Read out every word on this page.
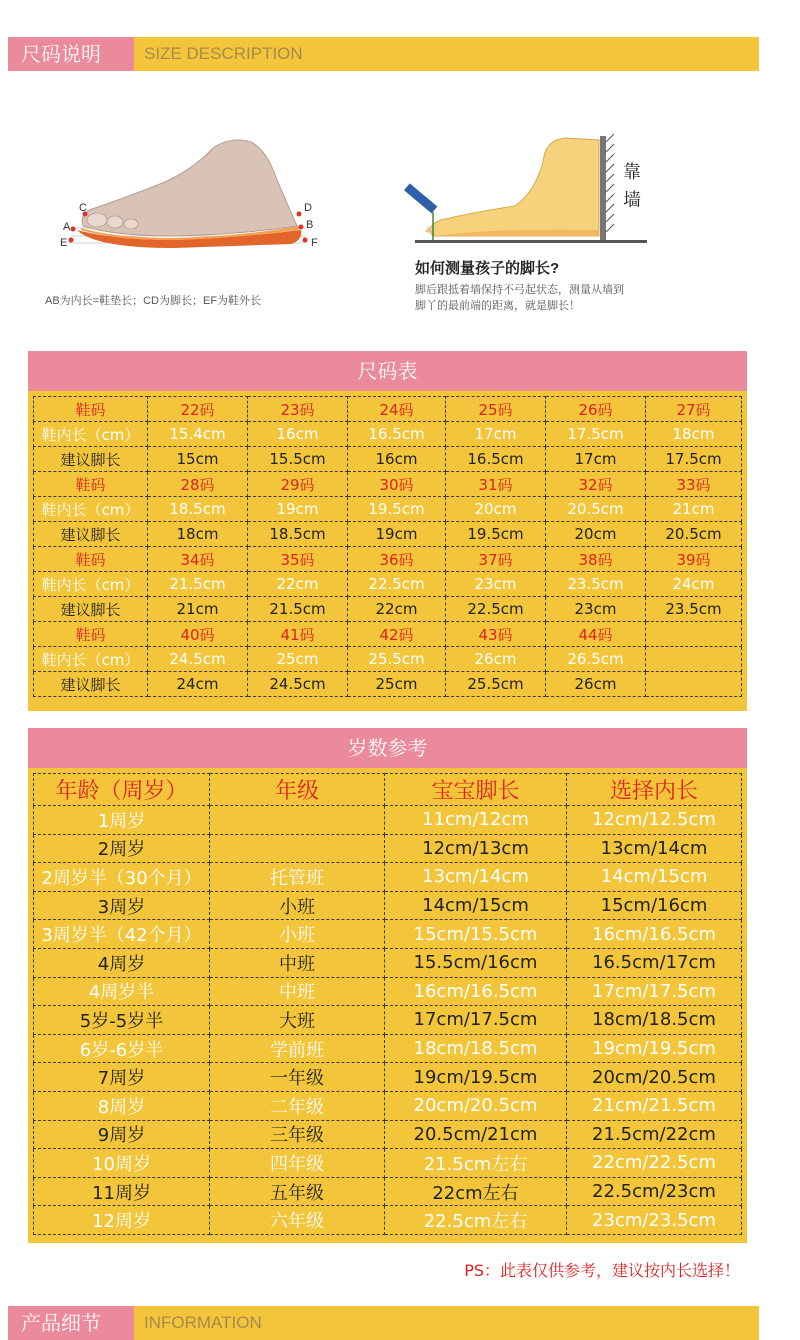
尺码说明	SIZE DESCRIPTION
C
A
E
D
B
F
AB为内长=鞋垫长；CD为脚长；EF为鞋外长
靠
墙
如何测量孩子的脚长?
脚后跟抵着墙保持不弓起状态，测量从墙到
脚丫的最前端的距离，就是脚长！
尺码表
鞋码	22码	23码	24码	25码	26码	27码
鞋内长（cm）	15.4cm	16cm	16.5cm	17cm	17.5cm	18cm
建议脚长	15cm	15.5cm	16cm	16.5cm	17cm	17.5cm
鞋码	28码	29码	30码	31码	32码	33码
鞋内长（cm）	18.5cm	19cm	19.5cm	20cm	20.5cm	21cm
建议脚长	18cm	18.5cm	19cm	19.5cm	20cm	20.5cm
鞋码	34码	35码	36码	37码	38码	39码
鞋内长（cm）	21.5cm	22cm	22.5cm	23cm	23.5cm	24cm
建议脚长	21cm	21.5cm	22cm	22.5cm	23cm	23.5cm
鞋码	40码	41码	42码	43码	44码	
鞋内长（cm）	24.5cm	25cm	25.5cm	26cm	26.5cm	
建议脚长	24cm	24.5cm	25cm	25.5cm	26cm	
岁数参考
年龄（周岁）	年级	宝宝脚长	选择内长
1周岁		11cm/12cm	12cm/12.5cm
2周岁		12cm/13cm	13cm/14cm
2周岁半（30个月）	托管班	13cm/14cm	14cm/15cm
3周岁	小班	14cm/15cm	15cm/16cm
3周岁半（42个月）	小班	15cm/15.5cm	16cm/16.5cm
4周岁	中班	15.5cm/16cm	16.5cm/17cm
4周岁半	中班	16cm/16.5cm	17cm/17.5cm
5岁-5岁半	大班	17cm/17.5cm	18cm/18.5cm
6岁-6岁半	学前班	18cm/18.5cm	19cm/19.5cm
7周岁	一年级	19cm/19.5cm	20cm/20.5cm
8周岁	二年级	20cm/20.5cm	21cm/21.5cm
9周岁	三年级	20.5cm/21cm	21.5cm/22cm
10周岁	四年级	21.5cm左右	22cm/22.5cm
11周岁	五年级	22cm左右	22.5cm/23cm
12周岁	六年级	22.5cm左右	23cm/23.5cm
PS：此表仅供参考，建议按内长选择！
产品细节	INFORMATION
